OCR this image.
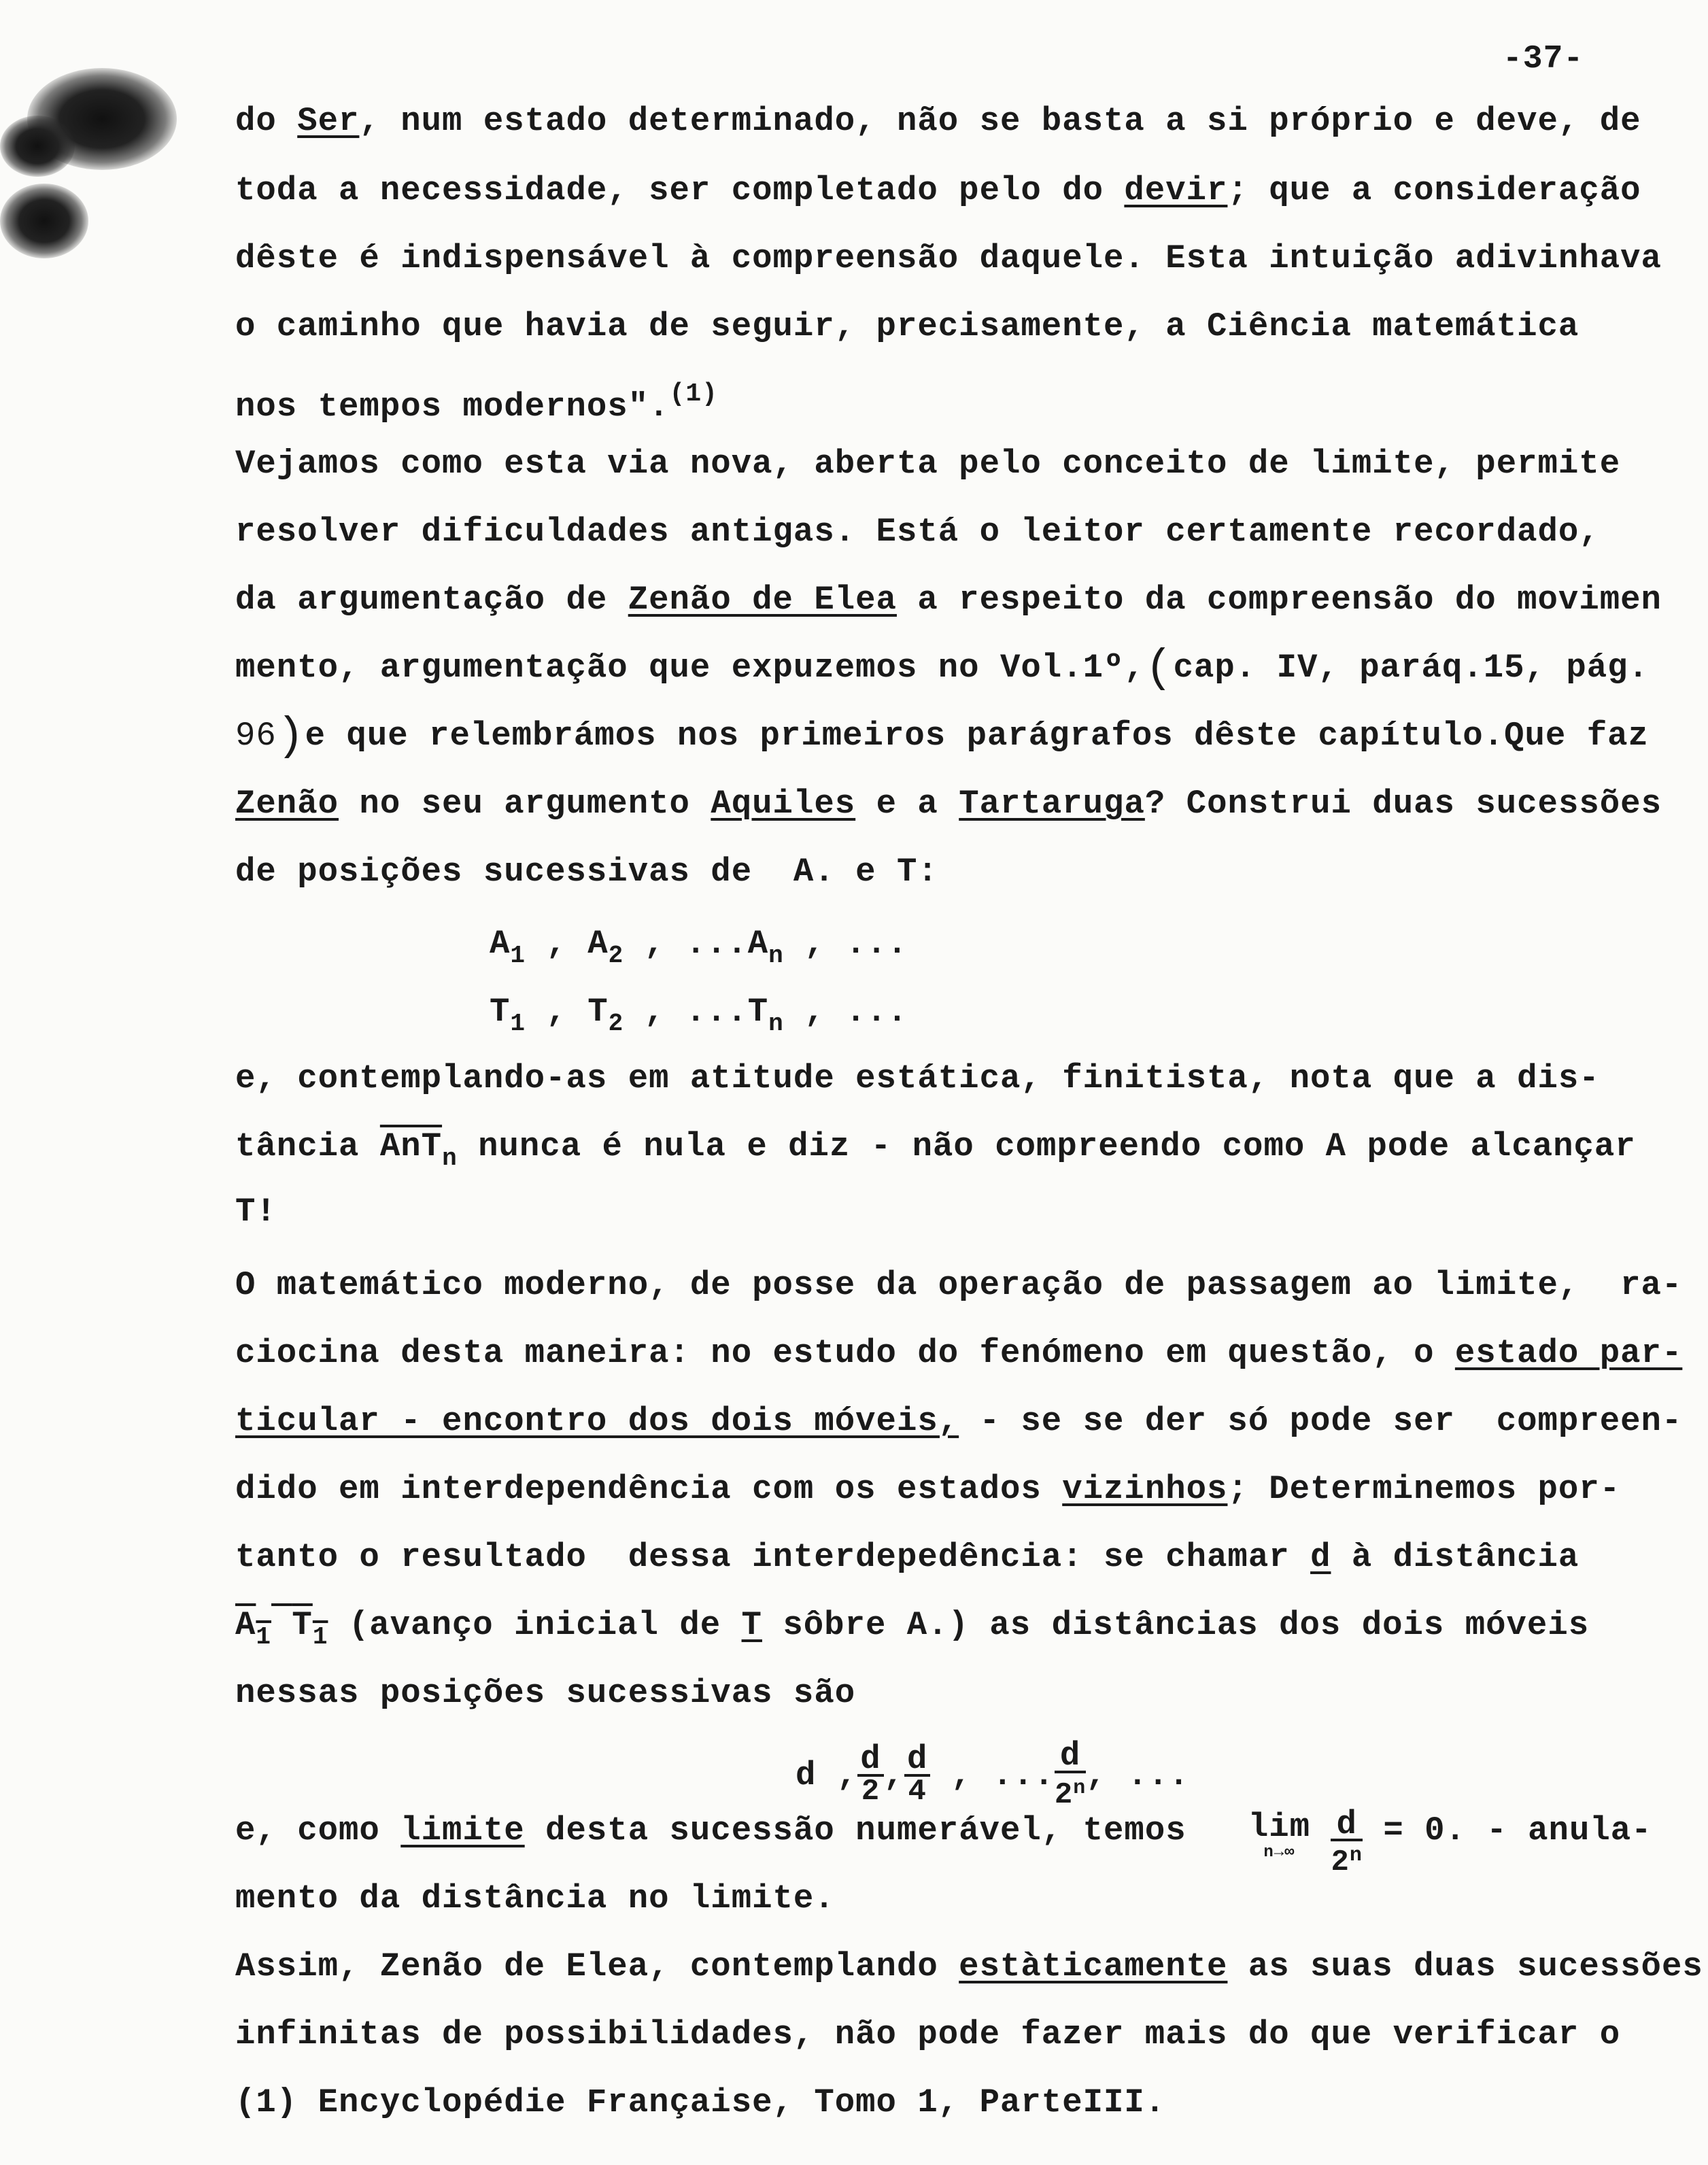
-37-
do Ser, num estado determinado, não se basta a si próprio e deve, de
toda a necessidade, ser completado pelo do devir; que a consideração
dêste é indispensável à compreensão daquele. Esta intuição adivinhava
o caminho que havia de seguir, precisamente, a Ciência matemática
nos tempos modernos".$^{(1)}$
Vejamos como esta via nova, aberta pelo conceito de limite, permite
resolver dificuldades antigas. Está o leitor certamente recordado,
da argumentação de Zenão de Elea a respeito da compreensão do movimen
mento, argumentação que expuzemos no Vol.1º,(cap. IV, paráq.15, pág.
96)e que relembrámos nos primeiros parágrafos dêste capítulo.Que faz
Zenão no seu argumento Aquiles e a Tartaruga? Construi duas sucessões
de posições sucessivas de  A. e T:
$A_1$ , $A_2$ , $...A_n$ , ...
$T_1$ , $T_2$ , $...T_n$ , ...
e, contemplando-as em atitude estática, finitista, nota que a dis-
tância $\overline{AnT}_n$ nunca é nula e diz - não compreendo como A pode alcançar
T!
O matemático moderno, de posse da operação de passagem ao limite,  ra-
ciocina desta maneira: no estudo do fenómeno em questão, o estado par-
ticular - encontro dos dois móveis, - se se der só pode ser  compreen-
dido em interdependência com os estados vizinhos; Determinemos por-
tanto o resultado  dessa interdepedência: se chamar d à distância
$A_1$ $T_1$ (avanço inicial de T sôbre A.) as distâncias dos dois móveis
nessas posições sucessivas são
d , $\frac{d}{2}$ , $\frac{d}{4}$ , ... $\frac{d}{2^n}$ , ...
e, como limite desta sucessão numerável, temos   lim
n→∞
	$\frac{d}{2^n} = 0$. - anula-
mento da distância no limite.
Assim, Zenão de Elea, contemplando estàticamente as suas duas sucessões
infinitas de possibilidades, não pode fazer mais do que verificar o
(1) Encyclopédie Française, Tomo 1, ParteIII.
